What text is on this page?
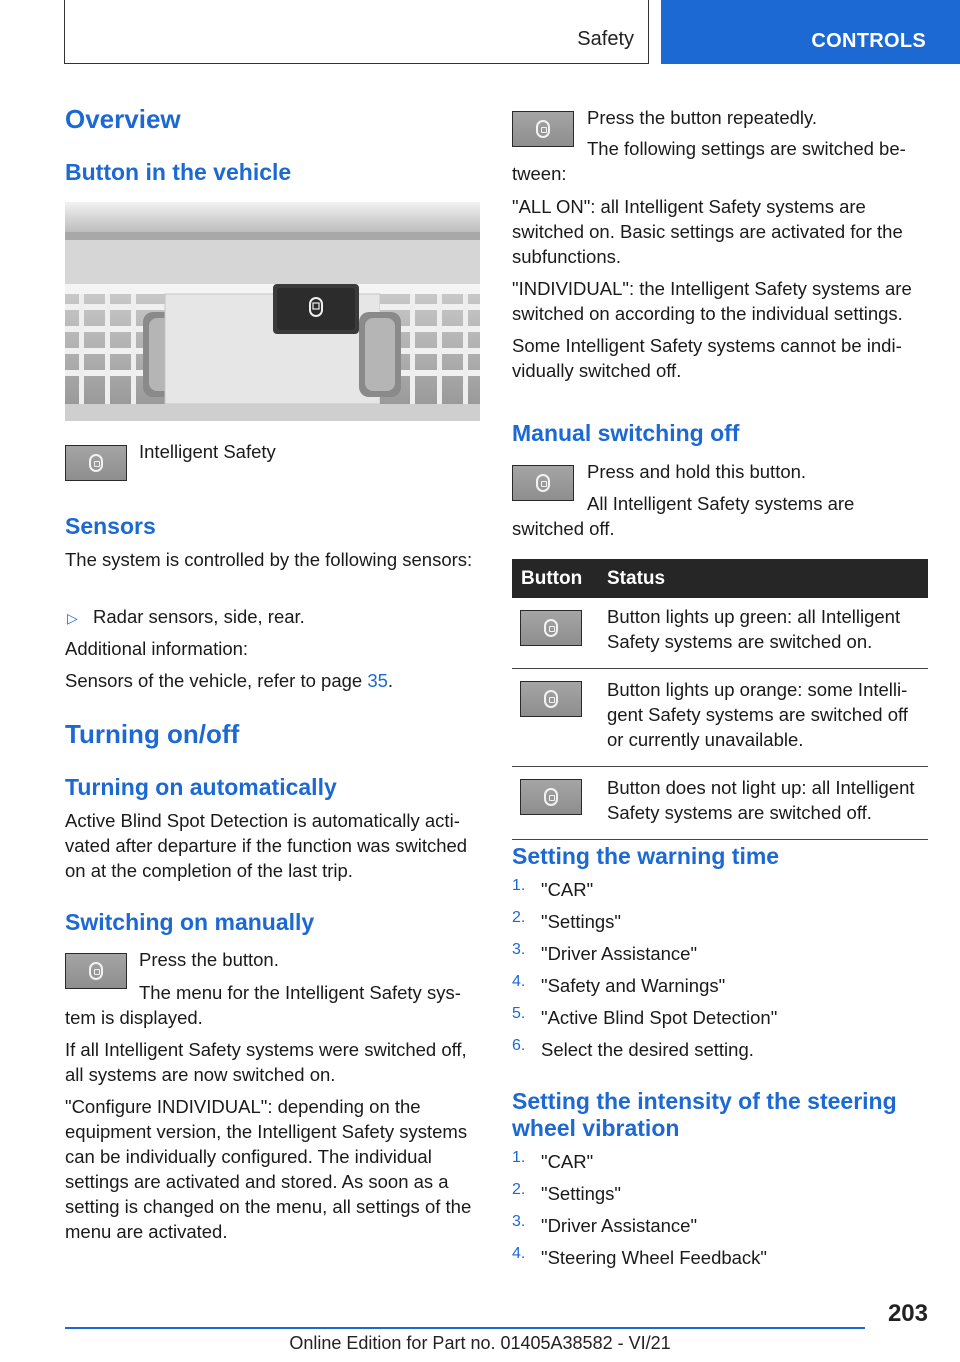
Safety	CONTROLS
Overview
Button in the vehicle

Intelligent Safety

Sensors

The system is controlled by the following sensors:

▷ Radar sensors, side, rear.

Additional information:

Sensors of the vehicle, refer to page 35.

Turning on/off
Turning on automatically

Active Blind Spot Detection is automatically activated after departure if the function was switched on at the completion of the last trip.

Switching on manually

Press the button.

The menu for the Intelligent Safety system is displayed.

If all Intelligent Safety systems were switched off, all systems are now switched on.

"Configure INDIVIDUAL": depending on the equipment version, the Intelligent Safety systems can be individually configured. The individual settings are activated and stored. As soon as a setting is changed on the menu, all settings of the menu are activated.

Press the button repeatedly.

The following settings are switched between:

"ALL ON": all Intelligent Safety systems are switched on. Basic settings are activated for the subfunctions.

"INDIVIDUAL": the Intelligent Safety systems are switched on according to the individual settings.

Some Intelligent Safety systems cannot be individually switched off.

Manual switching off

Press and hold this button.

All Intelligent Safety systems are switched off.

Button	Status

	Button lights up green: all Intelligent Safety systems are switched on.

	Button lights up orange: some Intelligent Safety systems are switched off or currently unavailable.

	Button does not light up: all Intelligent Safety systems are switched off.
Setting the warning time
1. "CAR"

2. "Settings"

3. "Driver Assistance"

4. "Safety and Warnings"

5. "Active Blind Spot Detection"

6. Select the desired setting.

Setting the intensity of the steering wheel vibration
1. "CAR"

2. "Settings"

3. "Driver Assistance"

4. "Steering Wheel Feedback"

203
Online Edition for Part no. 01405A38582 - VI/21
